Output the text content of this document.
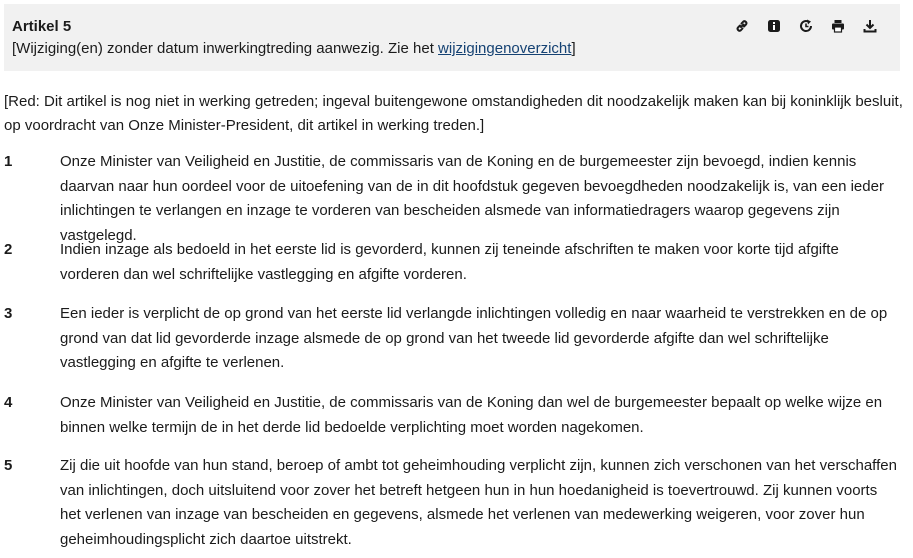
Artikel 5
[Wijziging(en) zonder datum inwerkingtreding aanwezig. Zie het wijzigingenoverzicht]
[Red: Dit artikel is nog niet in werking getreden; ingeval buitengewone omstandigheden dit noodzakelijk maken kan bij koninklijk besluit, op voordracht van Onze Minister-President, dit artikel in werking treden.]
1	Onze Minister van Veiligheid en Justitie, de commissaris van de Koning en de burgemeester zijn bevoegd, indien kennis daarvan naar hun oordeel voor de uitoefening van de in dit hoofdstuk gegeven bevoegdheden noodzakelijk is, van een ieder inlichtingen te verlangen en inzage te vorderen van bescheiden alsmede van informatiedragers waarop gegevens zijn vastgelegd.
2	Indien inzage als bedoeld in het eerste lid is gevorderd, kunnen zij teneinde afschriften te maken voor korte tijd afgifte vorderen dan wel schriftelijke vastlegging en afgifte vorderen.
3	Een ieder is verplicht de op grond van het eerste lid verlangde inlichtingen volledig en naar waarheid te verstrekken en de op grond van dat lid gevorderde inzage alsmede de op grond van het tweede lid gevorderde afgifte dan wel schriftelijke vastlegging en afgifte te verlenen.
4	Onze Minister van Veiligheid en Justitie, de commissaris van de Koning dan wel de burgemeester bepaalt op welke wijze en binnen welke termijn de in het derde lid bedoelde verplichting moet worden nagekomen.
5	Zij die uit hoofde van hun stand, beroep of ambt tot geheimhouding verplicht zijn, kunnen zich verschonen van het verschaffen van inlichtingen, doch uitsluitend voor zover het betreft hetgeen hun in hun hoedanigheid is toevertrouwd. Zij kunnen voorts het verlenen van inzage van bescheiden en gegevens, alsmede het verlenen van medewerking weigeren, voor zover hun geheimhoudingsplicht zich daartoe uitstrekt.
